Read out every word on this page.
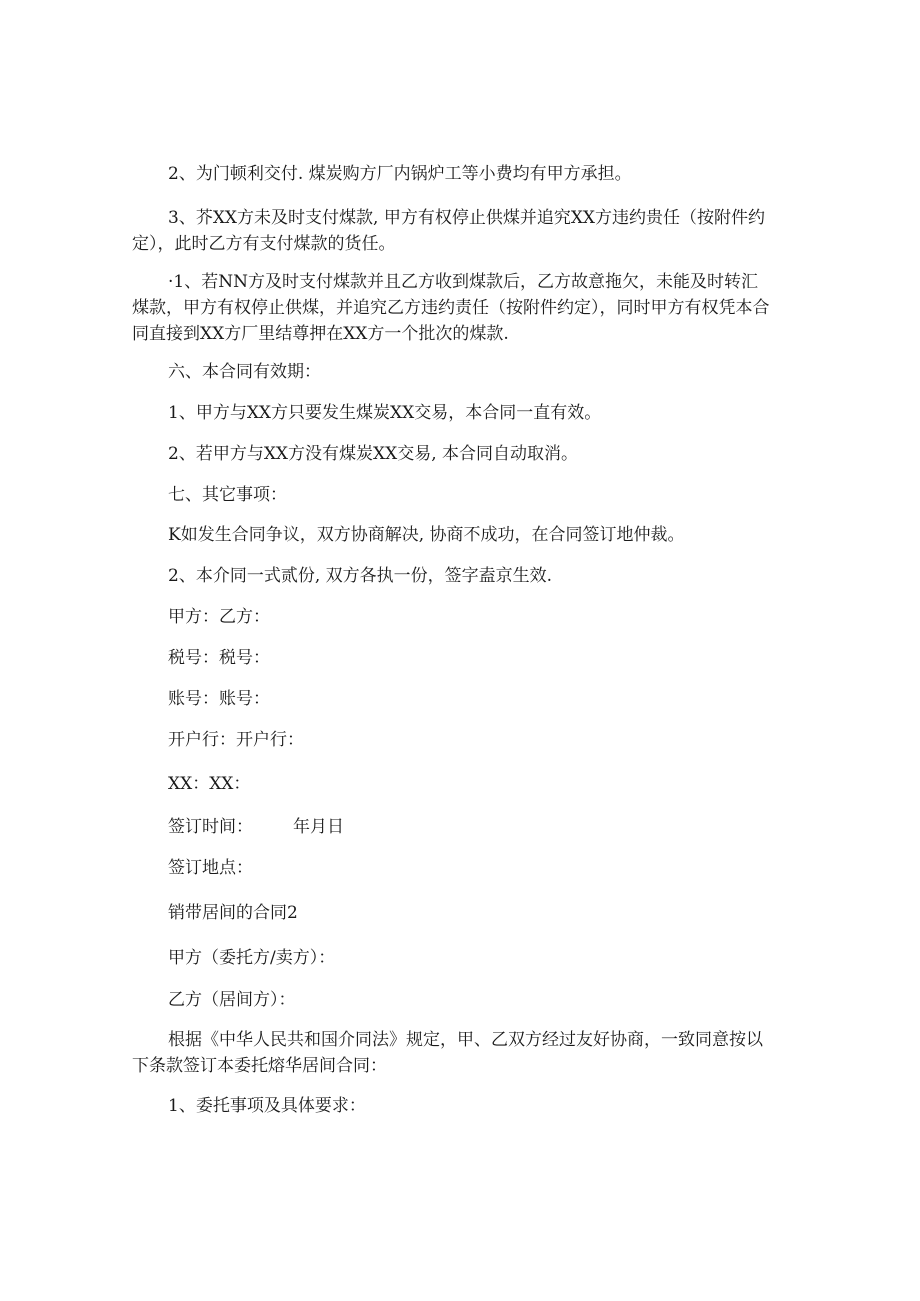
2、为门顿利交付. 煤炭购方厂内锅炉工等小费均有甲方承担。
3、芥XX方未及时支付煤款, 甲方有权停止供煤并追究XX方违约贵任（按附件约定），此时乙方有支付煤款的货任。
·1、若NN方及时支付煤款并且乙方收到煤款后，乙方故意拖欠，未能及时转汇煤款，甲方有权停止供煤，并追究乙方违约责任（按附件约定），同时甲方有权凭本合同直接到XX方厂里结尊押在XX方一个批次的煤款.
六、本合同有效期：
1、甲方与XX方只要发生煤炭XX交易，本合同一直有效。
2、若甲方与XX方没有煤炭XX交易, 本合同自动取消。
七、其它事项：
K如发生合同争议，双方协商解决, 协商不成功，在合同签订地仲裁。
2、本介同一式贰份, 双方各执一份，签字盍京生效.
甲方：乙方：
税号：税号：
账号：账号：
开户行：开户行：
XX：XX：
签订时间： 年月日
签订地点：
销带居间的合同2
甲方（委托方/卖方）：
乙方（居间方）：
根据《中华人民共和国介同法》规定，甲、乙双方经过友好协商，一致同意按以下条款签订本委托熔华居间合同：
1、委托事项及具体要求：
